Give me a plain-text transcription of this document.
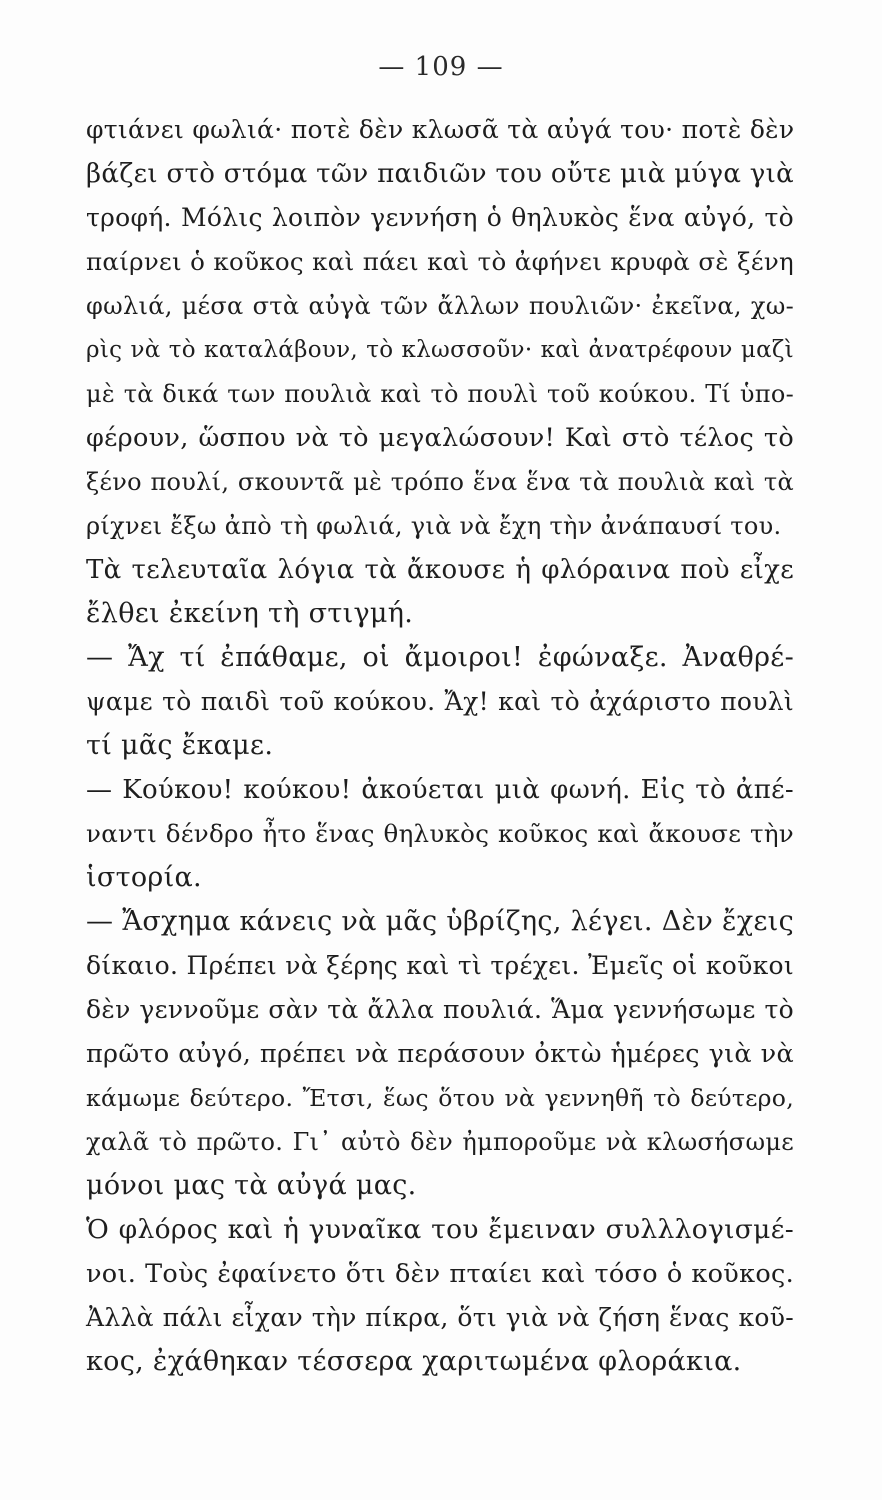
— 109 —
φτιάνει φωλιά· ποτὲ δὲν κλωσᾶ τὰ αὐγά του· ποτὲ δὲν
βάζει στὸ στόμα τῶν παιδιῶν του οὔτε μιὰ μύγα γιὰ
τροφή. Μόλις λοιπὸν γεννήση ὁ θηλυκὸς ἕνα αὐγό, τὸ
παίρνει ὁ κοῦκος καὶ πάει καὶ τὸ ἀφήνει κρυφὰ σὲ ξένη
φωλιά, μέσα στὰ αὐγὰ τῶν ἄλλων πουλιῶν· ἐκεῖνα, χω-
ρὶς νὰ τὸ καταλάβουν, τὸ κλωσσοῦν· καὶ ἀνατρέφουν μαζὶ
μὲ τὰ δικά των πουλιὰ καὶ τὸ πουλὶ τοῦ κούκου. Τί ὑπο-
φέρουν, ὥσπου νὰ τὸ μεγαλώσουν! Καὶ στὸ τέλος τὸ
ξένο πουλί, σκουντᾶ μὲ τρόπο ἕνα ἕνα τὰ πουλιὰ καὶ τὰ
ρίχνει ἔξω ἀπὸ τὴ φωλιά, γιὰ νὰ ἔχη τὴν ἀνάπαυσί του.
Τὰ τελευταῖα λόγια τὰ ἄκουσε ἡ φλόραινα ποὺ εἶχε
ἔλθει ἐκείνη τὴ στιγμή.
— Ἄχ τί ἐπάθαμε, οἱ ἄμοιροι! ἐφώναξε. Ἀναθρέ-
ψαμε τὸ παιδὶ τοῦ κούκου. Ἄχ! καὶ τὸ ἀχάριστο πουλὶ
τί μᾶς ἔκαμε.
— Κούκου! κούκου! ἀκούεται μιὰ φωνή. Εἰς τὸ ἀπέ-
ναντι δένδρο ἦτο ἕνας θηλυκὸς κοῦκος καὶ ἄκουσε τὴν
ἱστορία.
— Ἄσχημα κάνεις νὰ μᾶς ὑβρίζης, λέγει. Δὲν ἔχεις
δίκαιο. Πρέπει νὰ ξέρης καὶ τὶ τρέχει. Ἐμεῖς οἱ κοῦκοι
δὲν γεννοῦμε σὰν τὰ ἄλλα πουλιά. Ἅμα γεννήσωμε τὸ
πρῶτο αὐγό, πρέπει νὰ περάσουν ὀκτὼ ἡμέρες γιὰ νὰ
κάμωμε δεύτερο. Ἔτσι, ἕως ὅτου νὰ γεννηθῆ τὸ δεύτερο,
χαλᾶ τὸ πρῶτο. Γι᾽ αὐτὸ δὲν ἠμποροῦμε νὰ κλωσήσωμε
μόνοι μας τὰ αὐγά μας.
Ὁ φλόρος καὶ ἡ γυναῖκα του ἔμειναν συλλλογισμέ-
νοι. Τοὺς ἐφαίνετο ὅτι δὲν πταίει καὶ τόσο ὁ κοῦκος.
Ἀλλὰ πάλι εἶχαν τὴν πίκρα, ὅτι γιὰ νὰ ζήση ἕνας κοῦ-
κος, ἐχάθηκαν τέσσερα χαριτωμένα φλοράκια.
